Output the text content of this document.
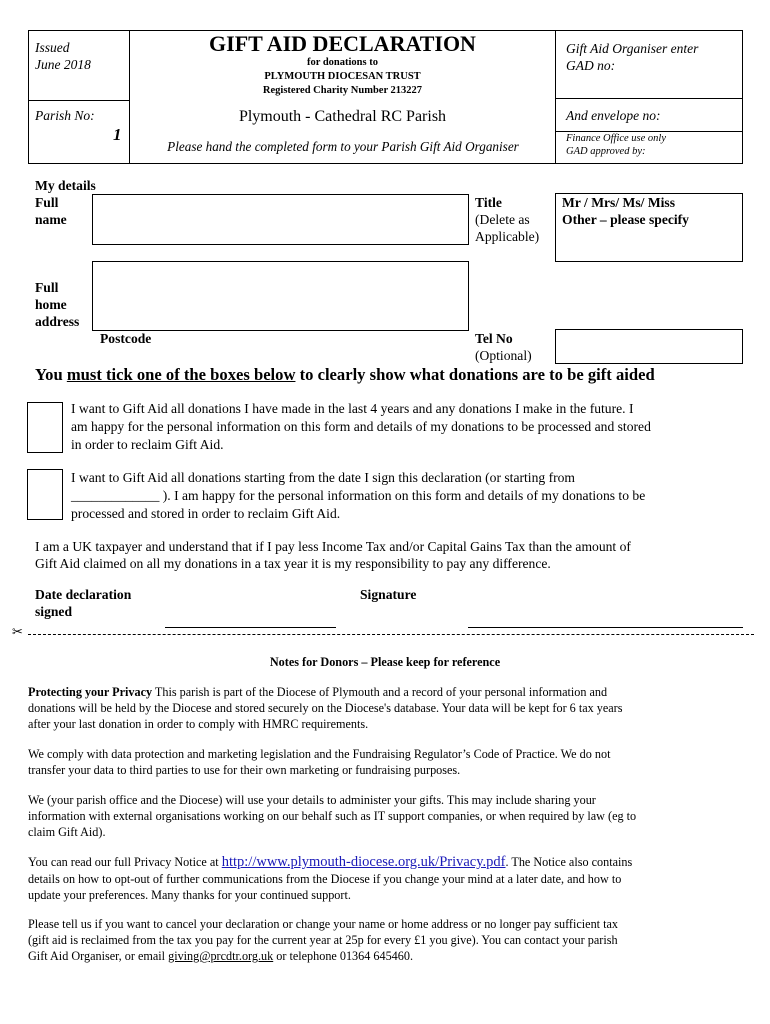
Issued
June 2018
GIFT AID DECLARATION
for donations to
PLYMOUTH DIOCESAN TRUST
Registered Charity Number 213227
Gift Aid Organiser enter
GAD no:
Parish No:
1
Plymouth - Cathedral RC Parish
Please hand the completed form to your Parish Gift Aid Organiser
And envelope no:
Finance Office use only
GAD approved by:
My details
Full
name
Title
(Delete as
Applicable)
Mr / Mrs/ Ms/ Miss
Other – please specify
Full
home
address
Postcode	Tel No
(Optional)
You must tick one of the boxes below to clearly show what donations are to be gift aided
I want to Gift Aid all donations I have made in the last 4 years and any donations I make in the future. I
am happy for the personal information on this form and details of my donations to be processed and stored
in order to reclaim Gift Aid.
I want to Gift Aid all donations starting from the date I sign this declaration (or starting from
_____________ ). I am happy for the personal information on this form and details of my donations to be
processed and stored in order to reclaim Gift Aid.
I am a UK taxpayer and understand that if I pay less Income Tax and/or Capital Gains Tax than the amount of
Gift Aid claimed on all my donations in a tax year it is my responsibility to pay any difference.
Date declaration
signed
Signature
✂
Notes for Donors – Please keep for reference
Protecting your Privacy This parish is part of the Diocese of Plymouth and a record of your personal information and
donations will be held by the Diocese and stored securely on the Diocese's database. Your data will be kept for 6 tax years
after your last donation in order to comply with HMRC requirements.
We comply with data protection and marketing legislation and the Fundraising Regulator’s Code of Practice. We do not
transfer your data to third parties to use for their own marketing or fundraising purposes.
We (your parish office and the Diocese) will use your details to administer your gifts. This may include sharing your
information with external organisations working on our behalf such as IT support companies, or when required by law (eg to
claim Gift Aid).
You can read our full Privacy Notice at http://www.plymouth-diocese.org.uk/Privacy.pdf. The Notice also contains
details on how to opt-out of further communications from the Diocese if you change your mind at a later date, and how to
update your preferences. Many thanks for your continued support.
Please tell us if you want to cancel your declaration or change your name or home address or no longer pay sufficient tax
(gift aid is reclaimed from the tax you pay for the current year at 25p for every £1 you give). You can contact your parish
Gift Aid Organiser, or email giving@prcdtr.org.uk or telephone 01364 645460.
